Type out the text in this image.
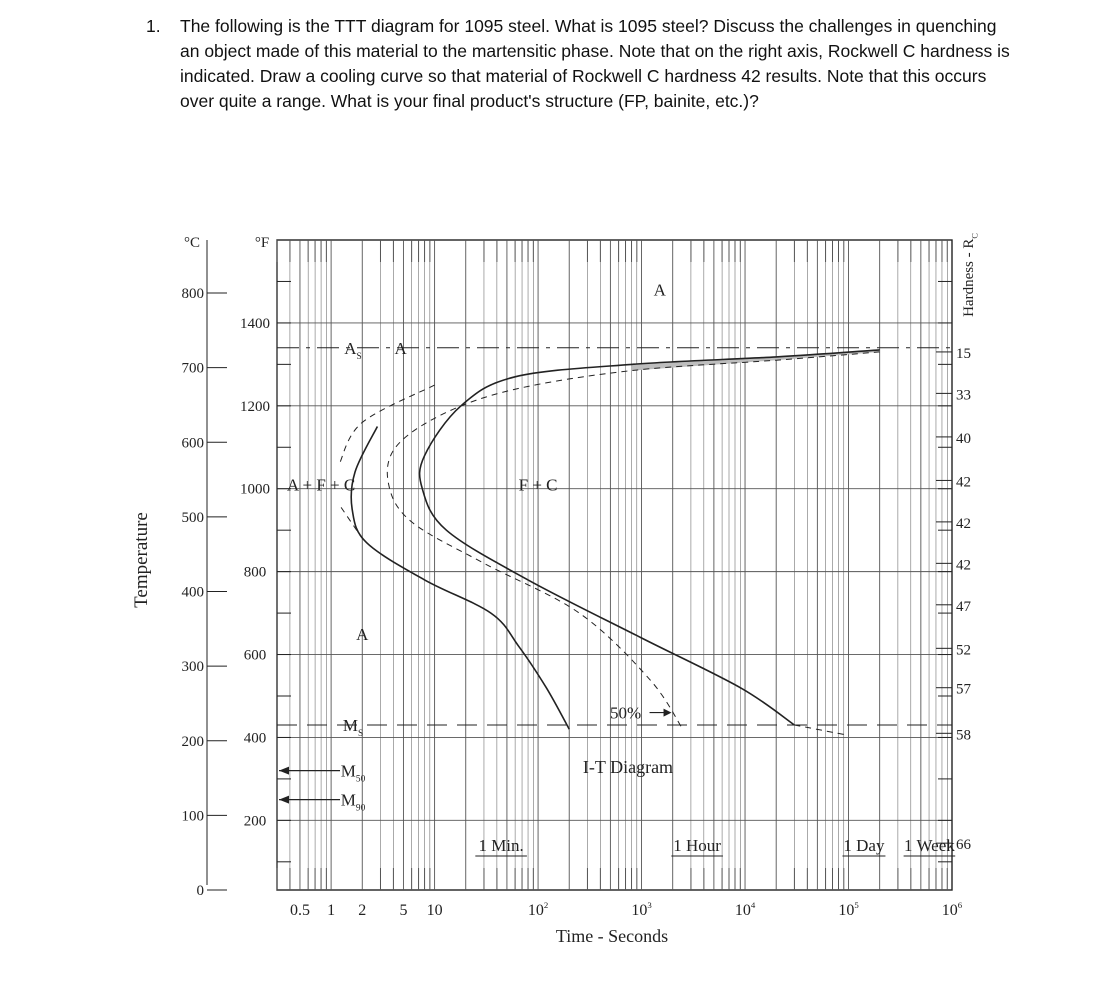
1. The following is the TTT diagram for 1095 steel. What is 1095 steel? Discuss the challenges in quenching an object made of this material to the martensitic phase. Note that on the right axis, Rockwell C hardness is indicated. Draw a cooling curve so that material of Rockwell C hardness 42 results. Note that this occurs over quite a range. What is your final product's structure (FP, bainite, etc.)?
0
100
200
300
400
500
600
700
800
°C
200
400
600
800
1000
1200
1400
°F
Temperature
0.5 1 2 5 10	$10^2$	$10^3$	$10^4$	$10^5$	$10^6$
Time - Seconds
1 Min.	1 Hour	1 Day 1 Week
15
33
40
42
42
42
47
52
57
58
66
Hardness - $R_C$
$A_S$
$M_S$
$M_{50}$
$M_{90}$
A
A
A + F + C	F + C
A
50%
I-T Diagram
